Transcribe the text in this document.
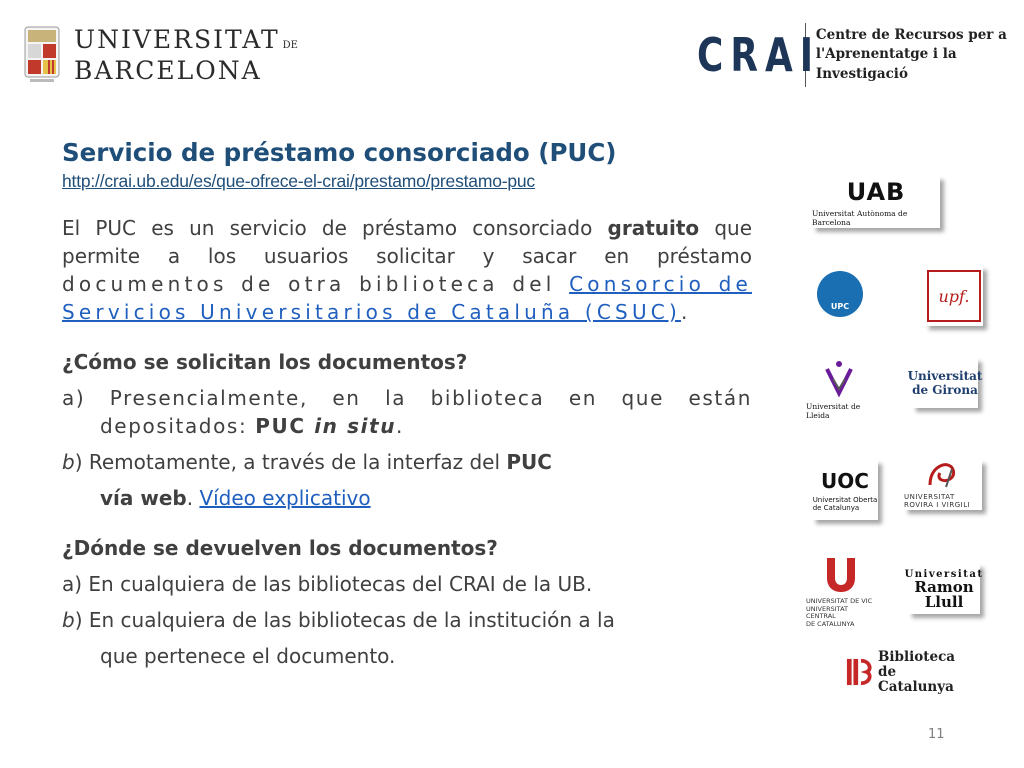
UNIVERSITAT DE
BARCELONA	CRAI
Centre de Recursos per a
l'Aprenentatge i la Investigació
Servicio de préstamo consorciado (PUC)
http://crai.ub.edu/es/que-ofrece-el-crai/prestamo/prestamo-puc
El PUC es un servicio de préstamo consorciado gratuito que permite a los usuarios solicitar y sacar en préstamo documentos de otra biblioteca del Consorcio de Servicios Universitarios de Cataluña (CSUC).
¿Cómo se solicitan los documentos?
a) Presencialmente, en la biblioteca en que están depositados: PUC in situ.
b) Remotamente, a través de la interfaz del PUC
vía web. Vídeo explicativo
¿Dónde se devuelven los documentos?
a) En cualquiera de las bibliotecas del CRAI de la UB.
b) En cualquiera de las bibliotecas de la institución a la
que pertenece el documento.
11
UAB
Universitat Autònoma de Barcelona
UPC
upf.
Universitat de Lleida
Universitat
de Girona
UOC
Universitat Oberta
de Catalunya
UNIVERSITAT ROVIRA I VIRGILI
UNIVERSITAT DE VIC
UNIVERSITAT CENTRAL
DE CATALUNYA
Universitat
Ramon
Llull
Biblioteca
de Catalunya
